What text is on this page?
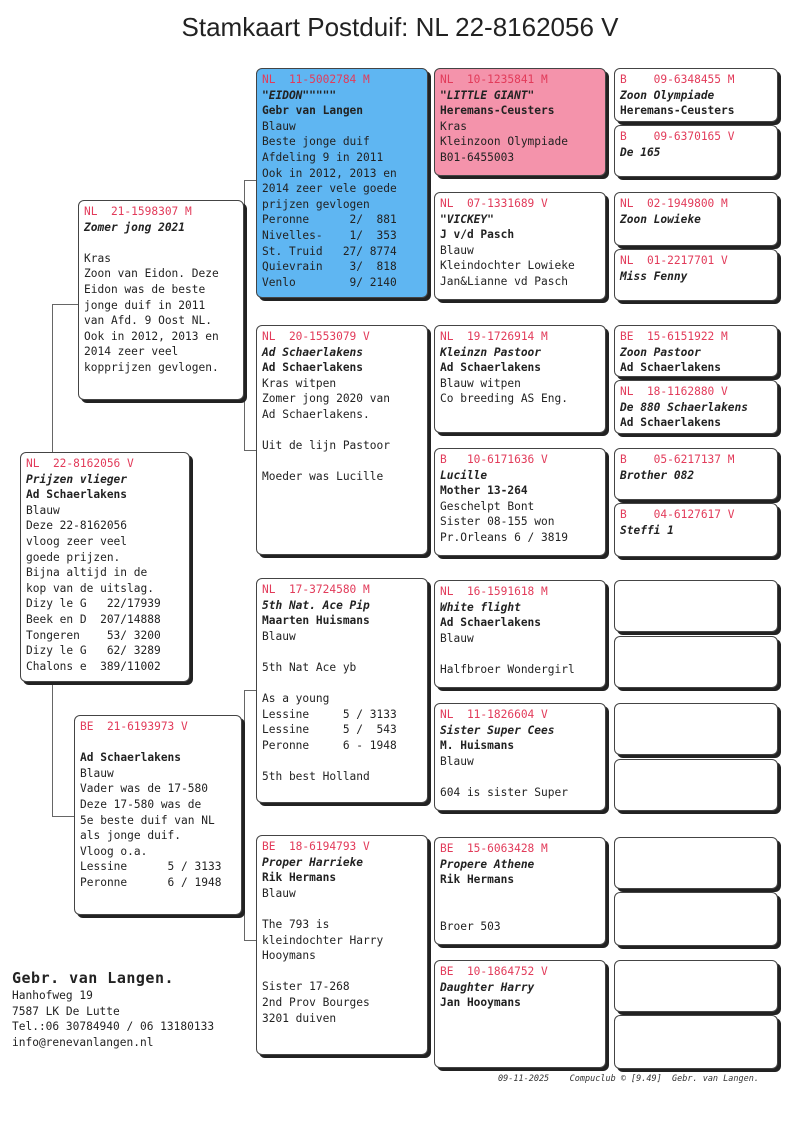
Stamkaart Postduif: NL 22-8162056 V
NL  22-8162056 V
Prijzen vlieger
Ad Schaerlakens
Blauw
Deze 22-8162056
vloog zeer veel
goede prijzen.
Bijna altijd in de
kop van de uitslag.
Dizy le G   22/17939
Beek en D  207/14888
Tongeren    53/ 3200
Dizy le G   62/ 3289
Chalons e  389/11002
NL  21-1598307 M
Zomer jong 2021
Kras
Zoon van Eidon. Deze
Eidon was de beste
jonge duif in 2011
van Afd. 9 Oost NL.
Ook in 2012, 2013 en
2014 zeer veel
kopprijzen gevlogen.
BE  21-6193973 V
Ad Schaerlakens
Blauw
Vader was de 17-580
Deze 17-580 was de
5e beste duif van NL
als jonge duif.
Vloog o.a.
Lessine      5 / 3133
Peronne      6 / 1948
NL  11-5002784 M
"EIDON"""""
Gebr van Langen
Blauw
Beste jonge duif
Afdeling 9 in 2011
Ook in 2012, 2013 en
2014 zeer vele goede
prijzen gevlogen
Peronne      2/  881
Nivelles-    1/  353
St. Truid   27/ 8774
Quievrain    3/  818
Venlo        9/ 2140
NL  20-1553079 V
Ad Schaerlakens
Ad Schaerlakens
Kras witpen
Zomer jong 2020 van
Ad Schaerlakens.
Uit de lijn Pastoor
Moeder was Lucille
NL  17-3724580 M
5th Nat. Ace Pip
Maarten Huismans
Blauw
5th Nat Ace yb
As a young
Lessine     5 / 3133
Lessine     5 /  543
Peronne     6 - 1948
5th best Holland
BE  18-6194793 V
Proper Harrieke
Rik Hermans
Blauw
The 793 is
kleindochter Harry
Hooymans
Sister 17-268
2nd Prov Bourges
3201 duiven
NL  10-1235841 M
"LITTLE GIANT"
Heremans-Ceusters
Kras
Kleinzoon Olympiade
B01-6455003
NL  07-1331689 V
"VICKEY"
J v/d Pasch
Blauw
Kleindochter Lowieke
Jan&Lianne vd Pasch
NL  19-1726914 M
Kleinzn Pastoor
Ad Schaerlakens
Blauw witpen
Co breeding AS Eng.
B   10-6171636 V
Lucille
Mother 13-264
Geschelpt Bont
Sister 08-155 won
Pr.Orleans 6 / 3819
NL  16-1591618 M
White flight
Ad Schaerlakens
Blauw
Halfbroer Wondergirl
NL  11-1826604 V
Sister Super Cees
M. Huismans
Blauw
604 is sister Super
BE  15-6063428 M
Propere Athene
Rik Hermans
Broer 503
BE  10-1864752 V
Daughter Harry
Jan Hooymans
B    09-6348455 M
Zoon Olympiade
Heremans-Ceusters
B    09-6370165 V
De 165
NL  02-1949800 M
Zoon Lowieke
NL  01-2217701 V
Miss Fenny
BE  15-6151922 M
Zoon Pastoor
Ad Schaerlakens
NL  18-1162880 V
De 880 Schaerlakens
Ad Schaerlakens
B    05-6217137 M
Brother 082
B    04-6127617 V
Steffi 1
Gebr. van Langen.
Hanhofweg 19
7587 LK De Lutte
Tel.:06 30784940 / 06 13180133
info@renevanlangen.nl
09-11-2025    Compuclub © [9.49]  Gebr. van Langen.
